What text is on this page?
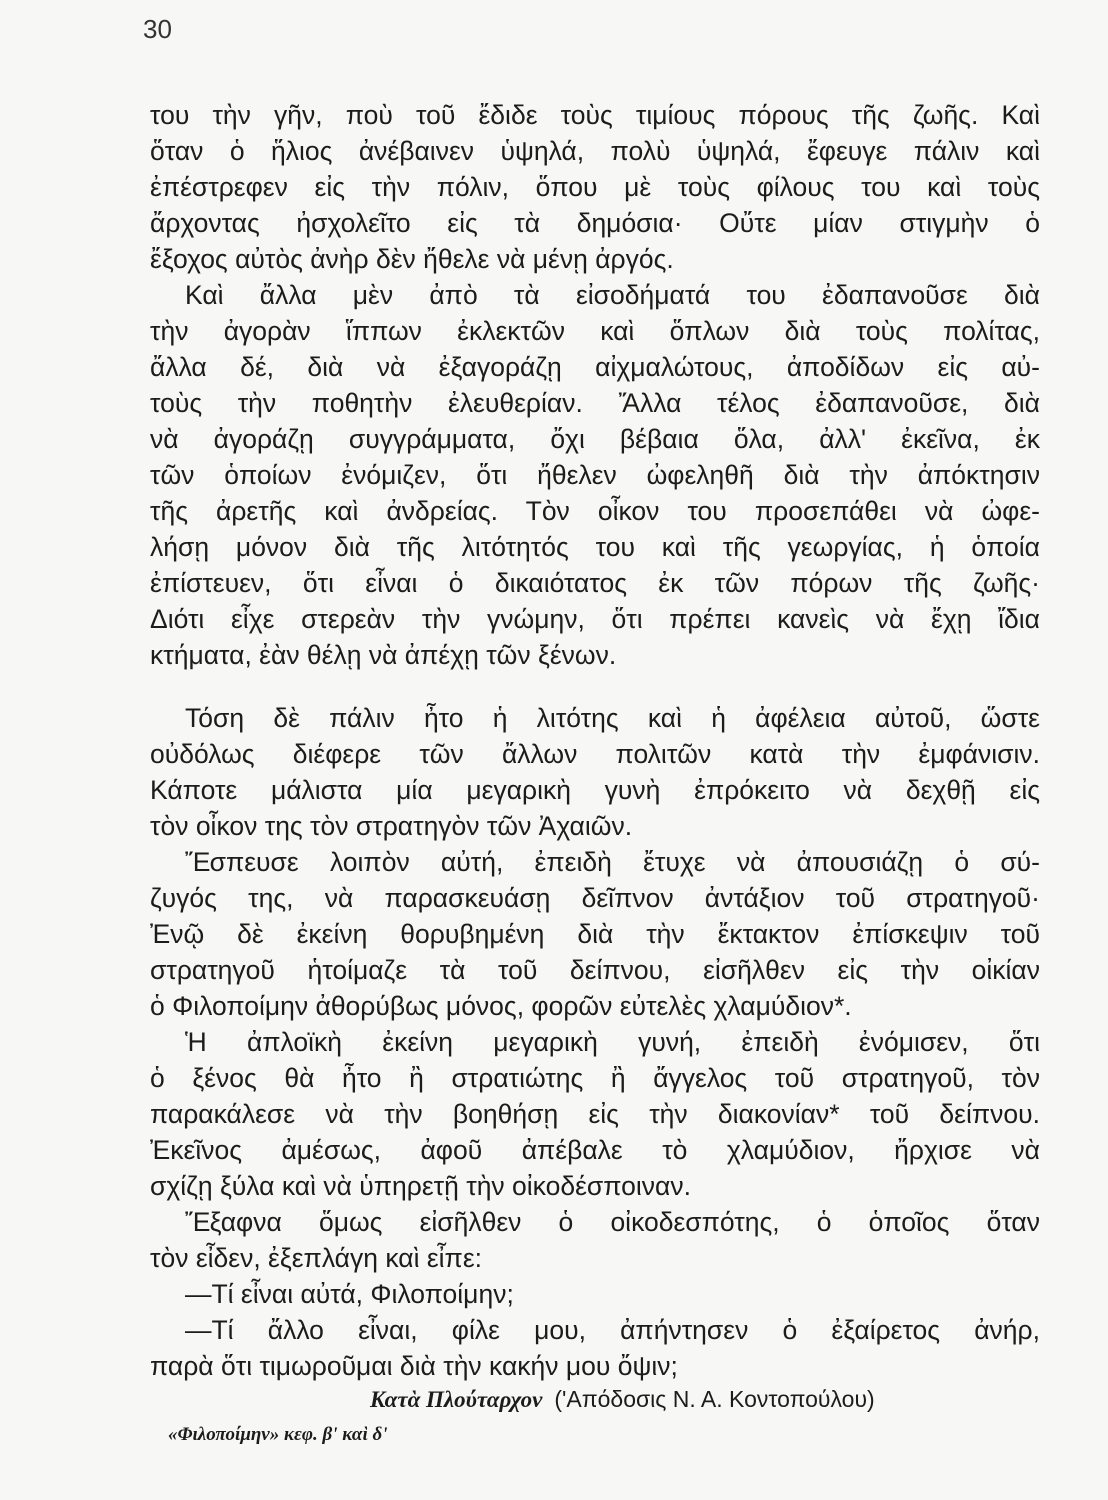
30
του τὴν γῆν, ποὺ τοῦ ἔδιδε τοὺς τιμίους πόρους τῆς ζωῆς. Καὶ
ὅταν ὁ ἥλιος ἀνέβαινεν ὑψηλά, πολὺ ὑψηλά, ἔφευγε πάλιν καὶ
ἐπέστρεφεν εἰς τὴν πόλιν, ὅπου μὲ τοὺς φίλους του καὶ τοὺς
ἄρχοντας ἠσχολεῖτο εἰς τὰ δημόσια· Οὔτε μίαν στιγμὴν ὁ
ἔξοχος αὐτὸς ἀνὴρ δὲν ἤθελε νὰ μένῃ ἀργός.
Καὶ ἄλλα μὲν ἀπὸ τὰ εἰσοδήματά του ἐδαπανοῦσε διὰ
τὴν ἀγορὰν ἵππων ἐκλεκτῶν καὶ ὅπλων διὰ τοὺς πολίτας,
ἄλλα δέ, διὰ νὰ ἐξαγοράζῃ αἰχμαλώτους, ἀποδίδων εἰς αὐ-
τοὺς τὴν ποθητὴν ἐλευθερίαν. Ἄλλα τέλος ἐδαπανοῦσε, διὰ
νὰ ἀγοράζῃ συγγράμματα, ὄχι βέβαια ὅλα, ἀλλ' ἐκεῖνα, ἐκ
τῶν ὁποίων ἐνόμιζεν, ὅτι ἤθελεν ὠφεληθῆ διὰ τὴν ἀπόκτησιν
τῆς ἀρετῆς καὶ ἀνδρείας. Τὸν οἶκον του προσεπάθει νὰ ὠφε-
λήσῃ μόνον διὰ τῆς λιτότητός του καὶ τῆς γεωργίας, ἡ ὁποία
ἐπίστευεν, ὅτι εἶναι ὁ δικαιότατος ἐκ τῶν πόρων τῆς ζωῆς·
Διότι εἶχε στερεὰν τὴν γνώμην, ὅτι πρέπει κανεὶς νὰ ἔχῃ ἴδια
κτήματα, ἐὰν θέλῃ νὰ ἀπέχῃ τῶν ξένων.
Τόση δὲ πάλιν ἦτο ἡ λιτότης καὶ ἡ ἀφέλεια αὐτοῦ, ὥστε
οὐδόλως διέφερε τῶν ἄλλων πολιτῶν κατὰ τὴν ἐμφάνισιν.
Κάποτε μάλιστα μία μεγαρικὴ γυνὴ ἐπρόκειτο νὰ δεχθῇ εἰς
τὸν οἶκον της τὸν στρατηγὸν τῶν Ἀχαιῶν.
Ἔσπευσε λοιπὸν αὐτή, ἐπειδὴ ἔτυχε νὰ ἀπουσιάζῃ ὁ σύ-
ζυγός της, νὰ παρασκευάσῃ δεῖπνον ἀντάξιον τοῦ στρατηγοῦ·
Ἐνῷ δὲ ἐκείνη θορυβημένη διὰ τὴν ἔκτακτον ἐπίσκεψιν τοῦ
στρατηγοῦ ἡτοίμαζε τὰ τοῦ δείπνου, εἰσῆλθεν εἰς τὴν οἰκίαν
ὁ Φιλοποίμην ἀθορύβως μόνος, φορῶν εὐτελὲς χλαμύδιον*.
Ἡ ἀπλοϊκὴ ἐκείνη μεγαρικὴ γυνή, ἐπειδὴ ἐνόμισεν, ὅτι
ὁ ξένος θὰ ἦτο ἢ στρατιώτης ἢ ἄγγελος τοῦ στρατηγοῦ, τὸν
παρακάλεσε νὰ τὴν βοηθήσῃ εἰς τὴν διακονίαν* τοῦ δείπνου.
Ἐκεῖνος ἀμέσως, ἀφοῦ ἀπέβαλε τὸ χλαμύδιον, ἤρχισε νὰ
σχίζῃ ξύλα καὶ νὰ ὑπηρετῇ τὴν οἰκοδέσποιναν.
Ἔξαφνα ὅμως εἰσῆλθεν ὁ οἰκοδεσπότης, ὁ ὁποῖος ὅταν
τὸν εἶδεν, ἐξεπλάγη καὶ εἶπε:
—Τί εἶναι αὐτά, Φιλοποίμην;
—Τί ἄλλο εἶναι, φίλε μου, ἀπήντησεν ὁ ἐξαίρετος ἀνήρ,
παρὰ ὅτι τιμωροῦμαι διὰ τὴν κακήν μου ὄψιν;
Κατὰ Πλούταρχον ('Απόδοσις Ν. Α. Κοντοπούλου)
«Φιλοποίμην» κεφ. β' καὶ δ'
